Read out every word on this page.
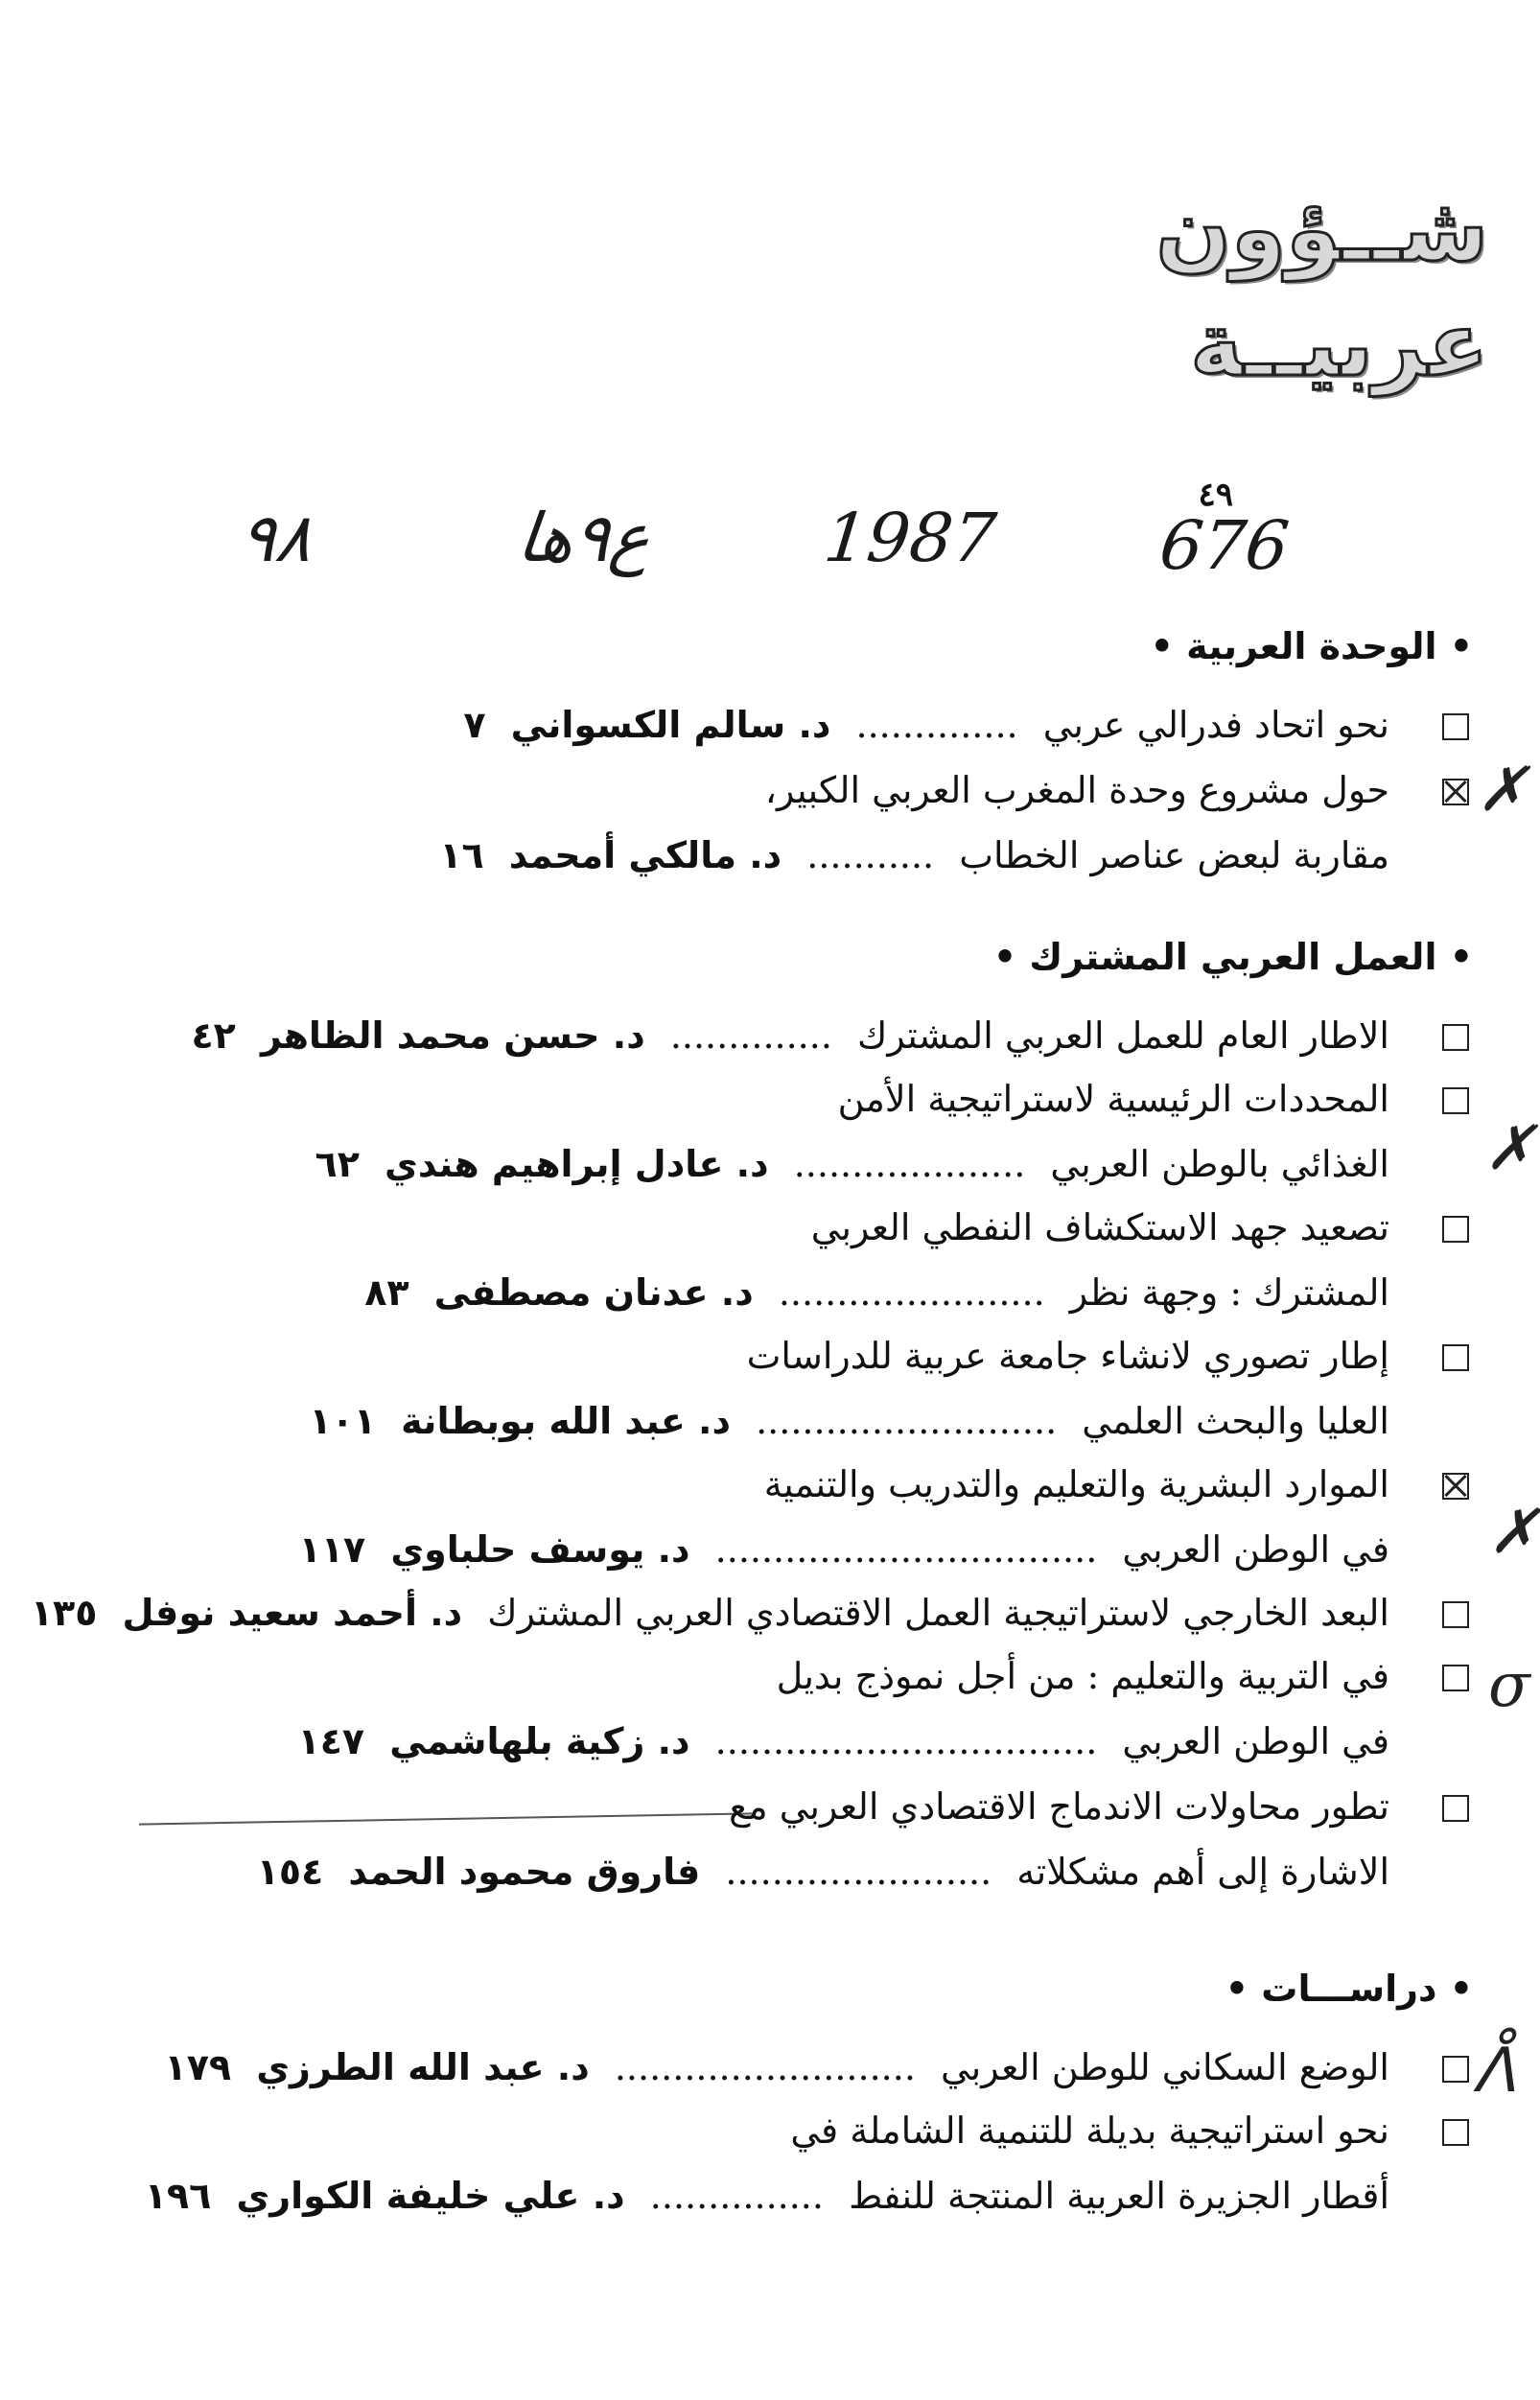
شــؤون
عربيــة
٤٩
٩٨	ع٩ها 1987 676
• الوحدة العربية •
نحو اتحاد فدرالي عربي .............. د. سالم الكسواني ٧
✗
حول مشروع وحدة المغرب العربي الكبير،
مقاربة لبعض عناصر الخطاب ........... د. مالكي أمحمد ١٦
• العمل العربي المشترك •
الاطار العام للعمل العربي المشترك .............. د. حسن محمد الظاهر ٤٢
المحددات الرئيسية لاستراتيجية الأمن
✗
الغذائي بالوطن العربي .................... د. عادل إبراهيم هندي ٦٢
تصعيد جهد الاستكشاف النفطي العربي
المشترك : وجهة نظر ....................... د. عدنان مصطفى ٨٣
إطار تصوري لانشاء جامعة عربية للدراسات
العليا والبحث العلمي .......................... د. عبد الله بوبطانة ١٠١
الموارد البشرية والتعليم والتدريب والتنمية
✗
في الوطن العربي ................................. د. يوسف حلباوي ١١٧
البعد الخارجي لاستراتيجية العمل الاقتصادي العربي المشترك د. أحمد سعيد نوفل ١٣٥
σ
في التربية والتعليم : من أجل نموذج بديل
في الوطن العربي ................................. د. زكية بلهاشمي ١٤٧
تطور محاولات الاندماج الاقتصادي العربي مع
الاشارة إلى أهم مشكلاته ....................... فاروق محمود الحمد ١٥٤
• دراســـات •
ᐰ
الوضع السكاني للوطن العربي .......................... د. عبد الله الطرزي ١٧٩
نحو استراتيجية بديلة للتنمية الشاملة في
أقطار الجزيرة العربية المنتجة للنفط ............... د. علي خليفة الكواري ١٩٦
